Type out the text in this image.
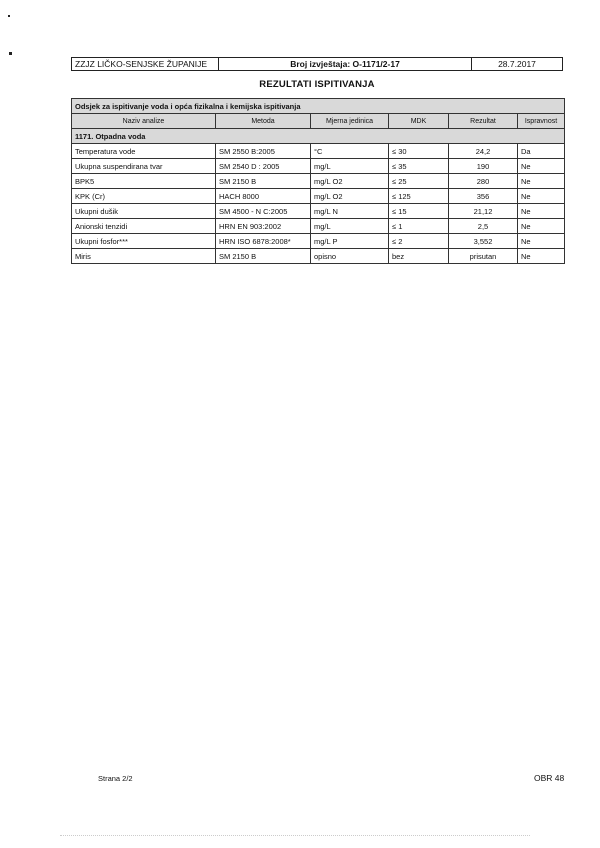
ZZJZ LIČKO-SENJSKE ŽUPANIJE	Broj izvještaja: O-1171/2-17	28.7.2017
REZULTATI ISPITIVANJA
Odsjek za ispitivanje voda i opća fizikalna i kemijska ispitivanja					
Naziv analize	Metoda	Mjerna jedinica	MDK	Rezultat	Ispravnost
1171. Otpadna voda					
Temperatura vode	SM 2550 B:2005	°C	≤ 30	24,2	Da
Ukupna suspendirana tvar	SM 2540 D : 2005	mg/L	≤ 35	190	Ne
BPK5	SM 2150 B	mg/L O2	≤ 25	280	Ne
KPK (Cr)	HACH 8000	mg/L O2	≤ 125	356	Ne
Ukupni dušik	SM 4500 - N C:2005	mg/L N	≤ 15	21,12	Ne
Anionski tenzidi	HRN EN 903:2002	mg/L	≤ 1	2,5	Ne
Ukupni fosfor***	HRN ISO 6878:2008*	mg/L P	≤ 2	3,552	Ne
Miris	SM 2150 B	opisno	bez	prisutan	Ne
Strana 2/2	OBR 48
